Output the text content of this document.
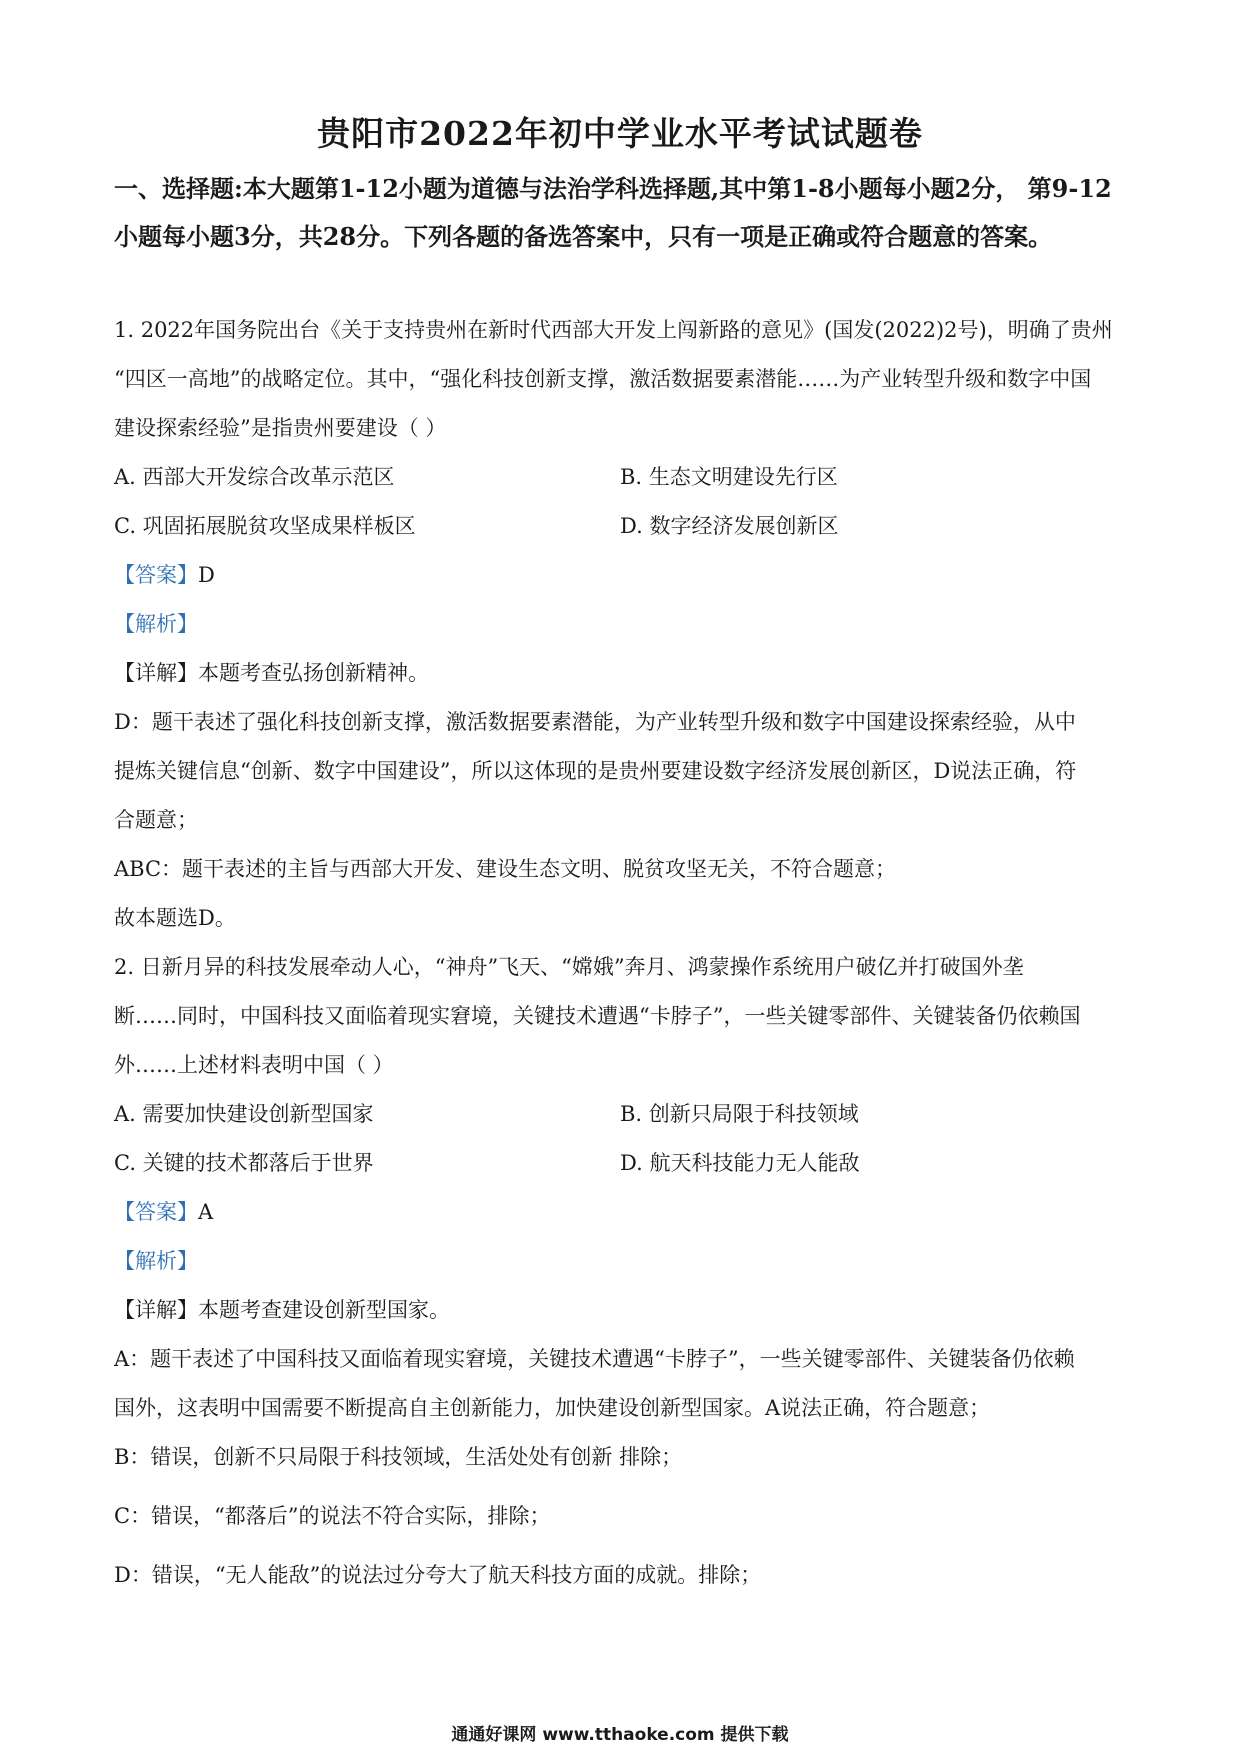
贵阳市2022年初中学业水平考试试题卷
一、选择题:本大题第1-12小题为道德与法治学科选择题,其中第1-8小题每小题2分， 第9-12小题每小题3分，共28分。下列各题的备选答案中，只有一项是正确或符合题意的答案。
1. 2022年国务院出台《关于支持贵州在新时代西部大开发上闯新路的意见》(国发(2022)2号)，明确了贵州
“四区一高地”的战略定位。其中，“强化科技创新支撑，激活数据要素潜能……为产业转型升级和数字中国
建设探索经验”是指贵州要建设（ ）
A. 西部大开发综合改革示范区	B. 生态文明建设先行区
C. 巩固拓展脱贫攻坚成果样板区	D. 数字经济发展创新区
【答案】D
【解析】
【详解】本题考查弘扬创新精神。
D：题干表述了强化科技创新支撑，激活数据要素潜能，为产业转型升级和数字中国建设探索经验，从中
提炼关键信息“创新、数字中国建设”，所以这体现的是贵州要建设数字经济发展创新区，D说法正确，符
合题意；
ABC：题干表述的主旨与西部大开发、建设生态文明、脱贫攻坚无关，不符合题意；
故本题选D。
2. 日新月异的科技发展牵动人心，“神舟”飞天、“嫦娥”奔月、鸿蒙操作系统用户破亿并打破国外垄
断……同时，中国科技又面临着现实窘境，关键技术遭遇“卡脖子”，一些关键零部件、关键装备仍依赖国
外……上述材料表明中国（ ）
A. 需要加快建设创新型国家	B. 创新只局限于科技领域
C. 关键的技术都落后于世界	D. 航天科技能力无人能敌
【答案】A
【解析】
【详解】本题考查建设创新型国家。
A：题干表述了中国科技又面临着现实窘境，关键技术遭遇“卡脖子”，一些关键零部件、关键装备仍依赖
国外，这表明中国需要不断提高自主创新能力，加快建设创新型国家。A说法正确，符合题意；
B：错误，创新不只局限于科技领域，生活处处有创新 排除；
C：错误，“都落后”的说法不符合实际，排除；
D：错误，“无人能敌”的说法过分夸大了航天科技方面的成就。排除；
通通好课网 www.tthaoke.com 提供下载
